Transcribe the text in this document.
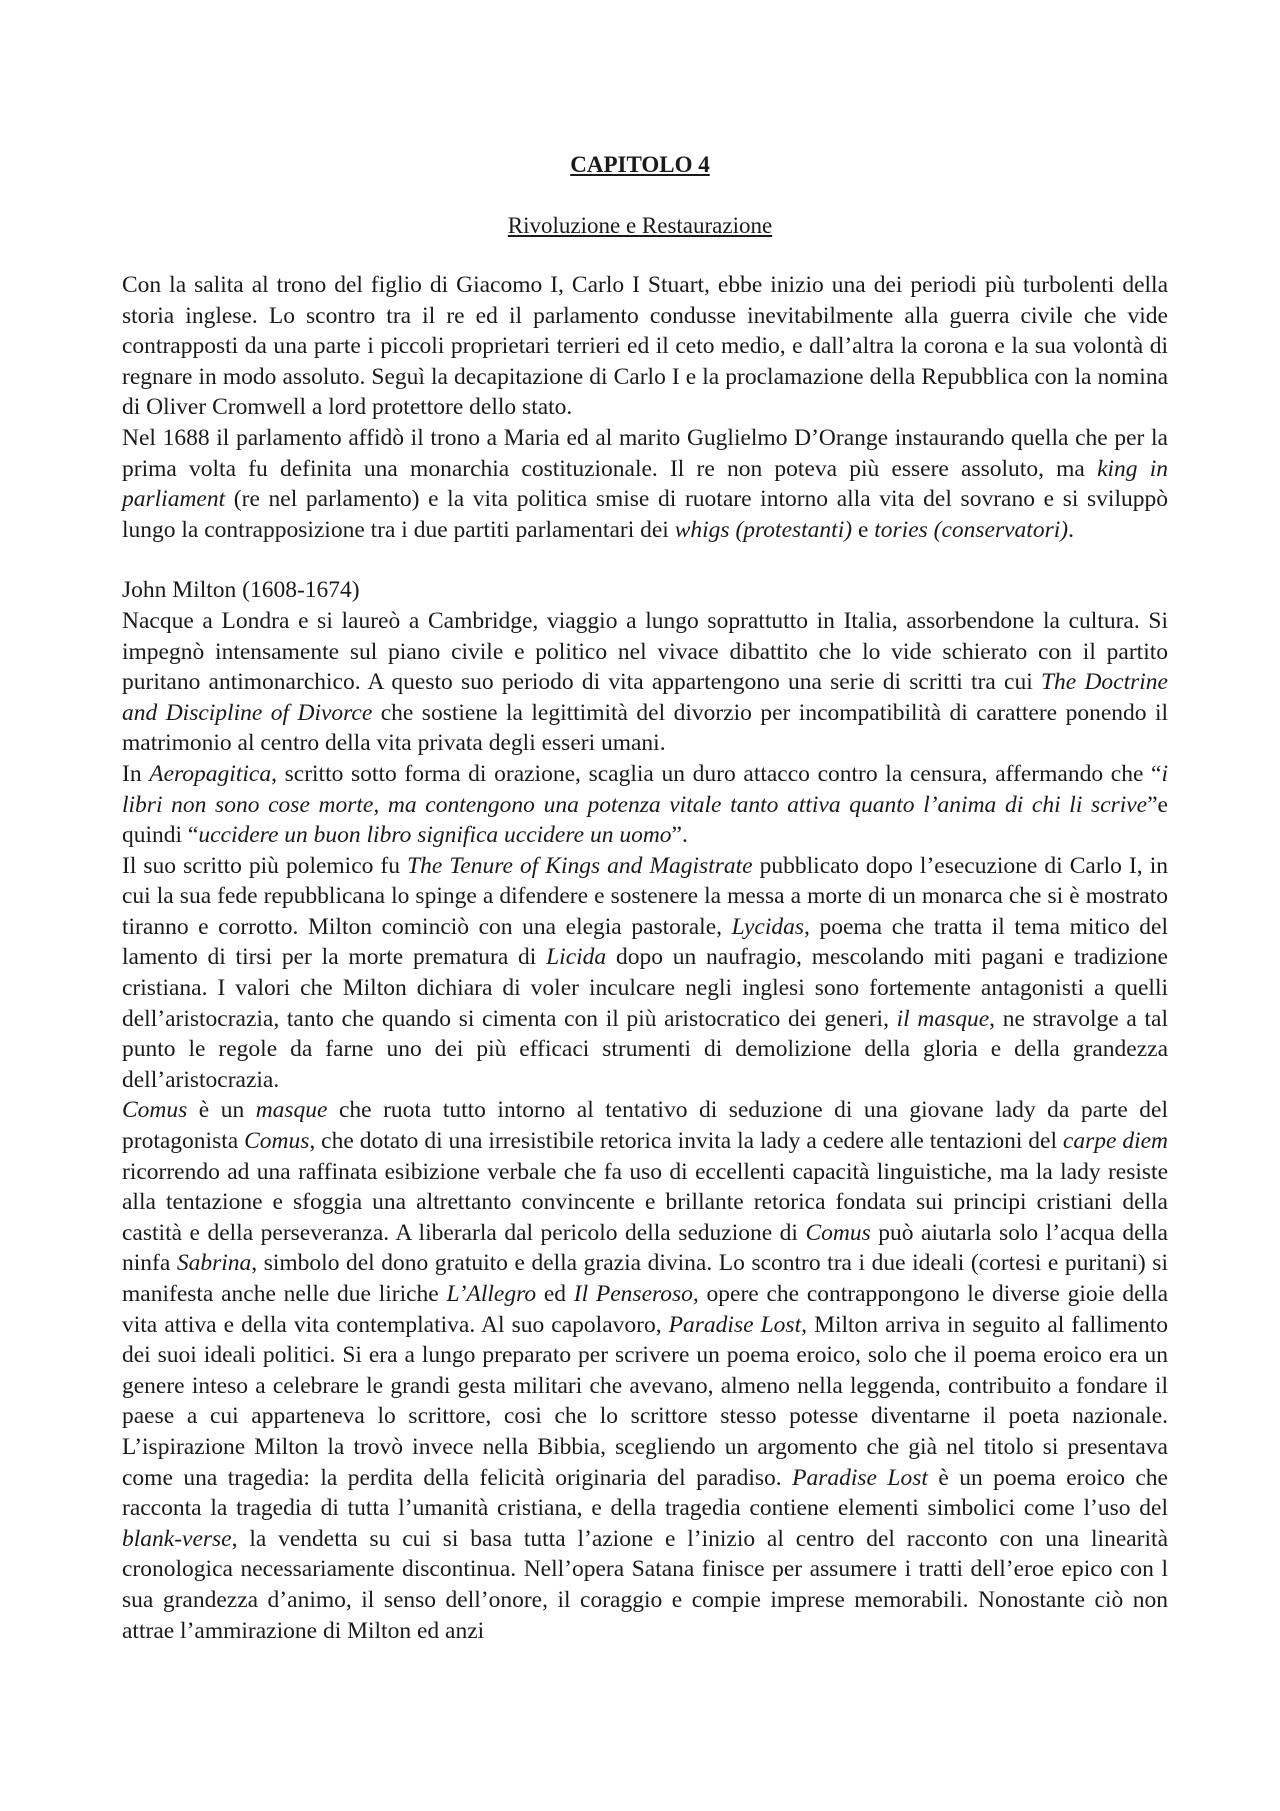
CAPITOLO 4
Rivoluzione e Restaurazione

Con la salita al trono del figlio di Giacomo I, Carlo I Stuart, ebbe inizio una dei periodi più turbolenti della storia inglese. Lo scontro tra il re ed il parlamento condusse inevitabilmente alla guerra civile che vide contrapposti da una parte i piccoli proprietari terrieri ed il ceto medio, e dall’altra la corona e la sua volontà di regnare in modo assoluto. Seguì la decapitazione di Carlo I e la proclamazione della Repubblica con la nomina di Oliver Cromwell a lord protettore dello stato.

Nel 1688 il parlamento affidò il trono a Maria ed al marito Guglielmo D’Orange instaurando quella che per la prima volta fu definita una monarchia costituzionale. Il re non poteva più essere assoluto, ma king in parliament (re nel parlamento) e la vita politica smise di ruotare intorno alla vita del sovrano e si sviluppò lungo la contrapposizione tra i due partiti parlamentari dei whigs (protestanti) e tories (conservatori).

John Milton (1608-1674)

Nacque a Londra e si laureò a Cambridge, viaggio a lungo soprattutto in Italia, assorbendone la cultura. Si impegnò intensamente sul piano civile e politico nel vivace dibattito che lo vide schierato con il partito puritano antimonarchico. A questo suo periodo di vita appartengono una serie di scritti tra cui The Doctrine and Discipline of Divorce che sostiene la legittimità del divorzio per incompatibilità di carattere ponendo il matrimonio al centro della vita privata degli esseri umani.

In Aeropagitica, scritto sotto forma di orazione, scaglia un duro attacco contro la censura, affermando che “i libri non sono cose morte, ma contengono una potenza vitale tanto attiva quanto l’anima di chi li scrive”e quindi “uccidere un buon libro significa uccidere un uomo”.

Il suo scritto più polemico fu The Tenure of Kings and Magistrate pubblicato dopo l’esecuzione di Carlo I, in cui la sua fede repubblicana lo spinge a difendere e sostenere la messa a morte di un monarca che si è mostrato tiranno e corrotto. Milton cominciò con una elegia pastorale, Lycidas, poema che tratta il tema mitico del lamento di tirsi per la morte prematura di Licida dopo un naufragio, mescolando miti pagani e tradizione cristiana. I valori che Milton dichiara di voler inculcare negli inglesi sono fortemente antagonisti a quelli dell’aristocrazia, tanto che quando si cimenta con il più aristocratico dei generi, il masque, ne stravolge a tal punto le regole da farne uno dei più efficaci strumenti di demolizione della gloria e della grandezza dell’aristocrazia.

Comus è un masque che ruota tutto intorno al tentativo di seduzione di una giovane lady da parte del protagonista Comus, che dotato di una irresistibile retorica invita la lady a cedere alle tentazioni del carpe diem ricorrendo ad una raffinata esibizione verbale che fa uso di eccellenti capacità linguistiche, ma la lady resiste alla tentazione e sfoggia una altrettanto convincente e brillante retorica fondata sui principi cristiani della castità e della perseveranza. A liberarla dal pericolo della seduzione di Comus può aiutarla solo l’acqua della ninfa Sabrina, simbolo del dono gratuito e della grazia divina. Lo scontro tra i due ideali (cortesi e puritani) si manifesta anche nelle due liriche L’Allegro ed Il Penseroso, opere che contrappongono le diverse gioie della vita attiva e della vita contemplativa. Al suo capolavoro, Paradise Lost, Milton arriva in seguito al fallimento dei suoi ideali politici. Si era a lungo preparato per scrivere un poema eroico, solo che il poema eroico era un genere inteso a celebrare le grandi gesta militari che avevano, almeno nella leggenda, contribuito a fondare il paese a cui apparteneva lo scrittore, cosi che lo scrittore stesso potesse diventarne il poeta nazionale. L’ispirazione Milton la trovò invece nella Bibbia, scegliendo un argomento che già nel titolo si presentava come una tragedia: la perdita della felicità originaria del paradiso. Paradise Lost è un poema eroico che racconta la tragedia di tutta l’umanità cristiana, e della tragedia contiene elementi simbolici come l’uso del blank-verse, la vendetta su cui si basa tutta l’azione e l’inizio al centro del racconto con una linearità cronologica necessariamente discontinua. Nell’opera Satana finisce per assumere i tratti dell’eroe epico con l sua grandezza d’animo, il senso dell’onore, il coraggio e compie imprese memorabili. Nonostante ciò non attrae l’ammirazione di Milton ed anzi
